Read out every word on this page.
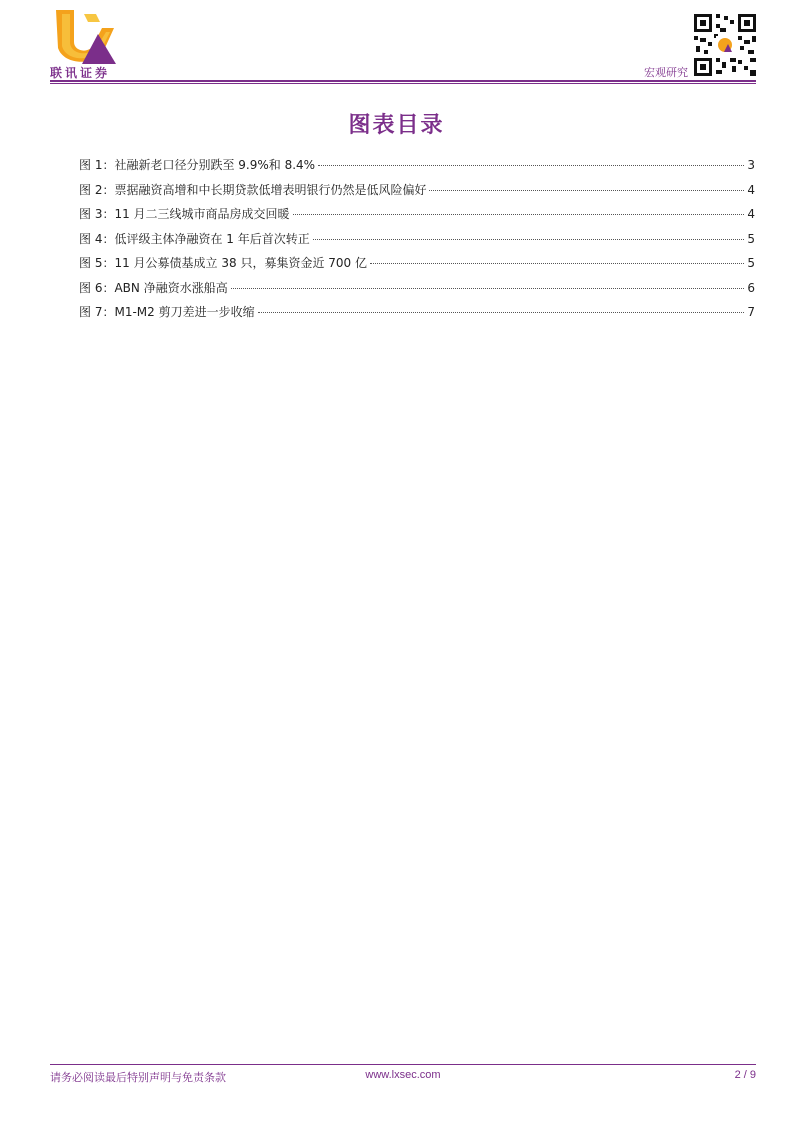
联讯证券	宏观研究
图表目录
图 1 ： 社融新老口径分别跌至 9.9%和 8.4%	3
图 2 ： 票据融资高增和中长期贷款低增表明银行仍然是低风险偏好	4
图 3 ： 11 月二三线城市商品房成交回暖	4
图 4 ： 低评级主体净融资在 1 年后首次转正	5
图 5 ： 11 月公募债基成立 38 只，募集资金近 700 亿	5
图 6 ： ABN 净融资水涨船高	6
图 7 ： M1-M2 剪刀差进一步收缩	7
请务必阅读最后特别声明与免责条款	www.lxsec.com	2 / 9
